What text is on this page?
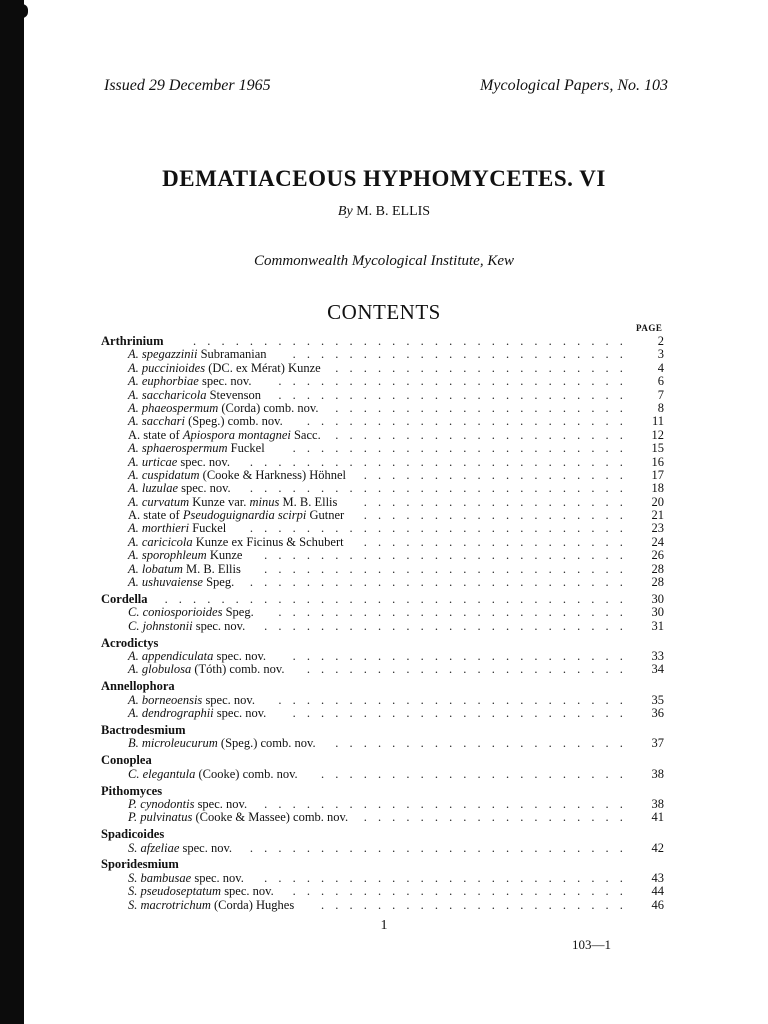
Issued 29 December 1965	Mycological Papers, No. 103
DEMATIACEOUS HYPHOMYCETES. VI
By M. B. ELLIS
Commonwealth Mycological Institute, Kew
CONTENTS
PAGE
Arthrinium	............................... 2
A. spegazzinii Subramanian	........................ 3
A. puccinioides (DC. ex Mérat) Kunze	..................... 4
A. euphorbiae spec. nov.	......................... 6
A. saccharicola Stevenson	......................... 7
A. phaeospermum (Corda) comb. nov.	..................... 8
A. sacchari (Speg.) comb. nov.	....................... 11
A. state of Apiospora montagnei Sacc.	..................... 12
A. sphaerospermum Fuckel	........................ 15
A. urticae spec. nov.	........................... 16
A. cuspidatum (Cooke & Harkness) Höhnel	................... 17
A. luzulae spec. nov.	........................... 18
A. curvatum Kunze var. minus M. B. Ellis	................... 20
A. state of Pseudoguignardia scirpi Gutner	................... 21
A. morthieri Fuckel	........................... 23
A. caricicola Kunze ex Ficinus & Schubert	................... 24
A. sporophleum Kunze	.......................... 26
A. lobatum M. B. Ellis	.......................... 28
A. ushuvaiense Speg.	........................... 28
Cordella	................................. 30
C. coniosporioides Speg.	......................... 30
C. johnstonii spec. nov.	.......................... 31
Acrodictys
A. appendiculata spec. nov.	........................ 33
A. globulosa (Tóth) comb. nov.	....................... 34
Annellophora
A. borneoensis spec. nov.	......................... 35
A. dendrographii spec. nov.	........................ 36
Bactrodesmium
B. microleucurum (Speg.) comb. nov.	..................... 37
Conoplea
C. elegantula (Cooke) comb. nov.	...................... 38
Pithomyces
P. cynodontis spec. nov.	.......................... 38
P. pulvinatus (Cooke & Massee) comb. nov.	................... 41
Spadicoides
S. afzeliae spec. nov.	........................... 42
Sporidesmium
S. bambusae spec. nov.	.......................... 43
S. pseudoseptatum spec. nov.	........................ 44
S. macrotrichum (Corda) Hughes	...................... 46
1
103—1
